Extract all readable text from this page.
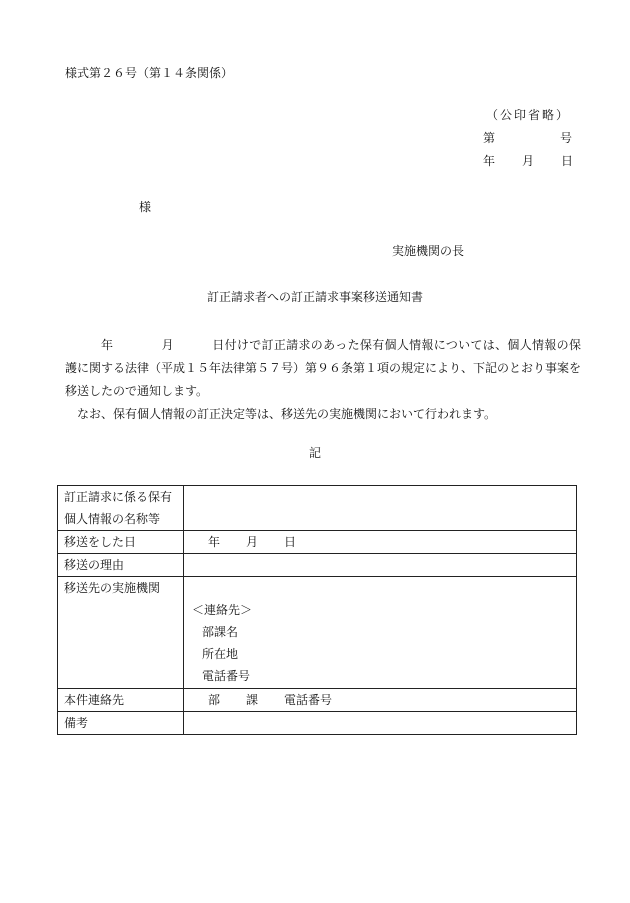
様式第２６号（第１４条関係）
（公印省略）
第	号
年 月 日
様
実施機関の長
訂正請求者への訂正請求事案移送通知書

年	月	日付けで訂正請求のあった保有個人情報については、個人情報の保護に関する法律（平成１５年法律第５７号）第９６条第１項の規定により、下記のとおり事案を移送したので通知します。

なお、保有個人情報の訂正決定等は、移送先の実施機関において行われます。

記
訂正請求に係る保有
個人情報の名称等	

移送をした日	年 月 日
移送の理由	
移送先の実施機関	＜連絡先＞
部課名
所在地
電話番号

本件連絡先	部 課 電話番号
備考	
